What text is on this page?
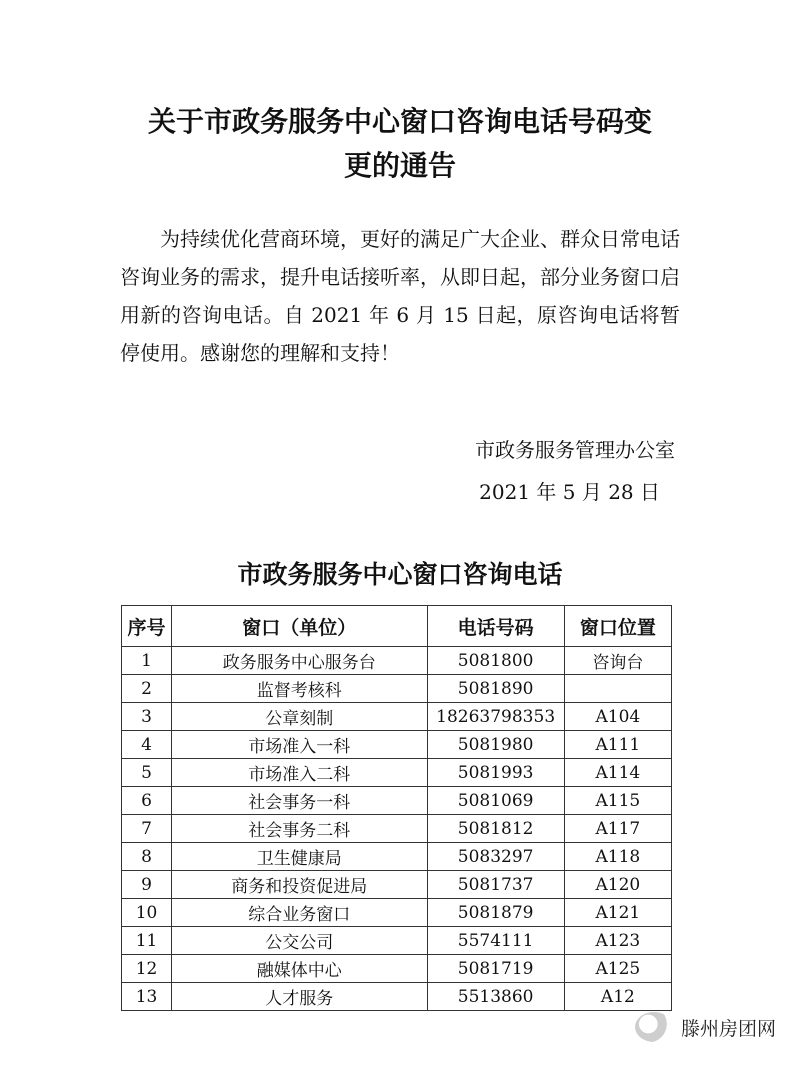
关于市政务服务中心窗口咨询电话号码变
更的通告

为持续优化营商环境，更好的满足广大企业、群众日常电话咨询业务的需求，提升电话接听率，从即日起，部分业务窗口启用新的咨询电话。自 2021 年 6 月 15 日起，原咨询电话将暂停使用。感谢您的理解和支持！

市政务服务管理办公室
2021 年 5 月 28 日
市政务服务中心窗口咨询电话
序号	窗口（单位）	电话号码	窗口位置
1	政务服务中心服务台	5081800	咨询台
2	监督考核科	5081890	
3	公章刻制	18263798353	A104
4	市场准入一科	5081980	A111
5	市场准入二科	5081993	A114
6	社会事务一科	5081069	A115
7	社会事务二科	5081812	A117
8	卫生健康局	5083297	A118
9	商务和投资促进局	5081737	A120
10	综合业务窗口	5081879	A121
11	公交公司	5574111	A123
12	融媒体中心	5081719	A125
13	人才服务	5513860	A12
滕州房团网
